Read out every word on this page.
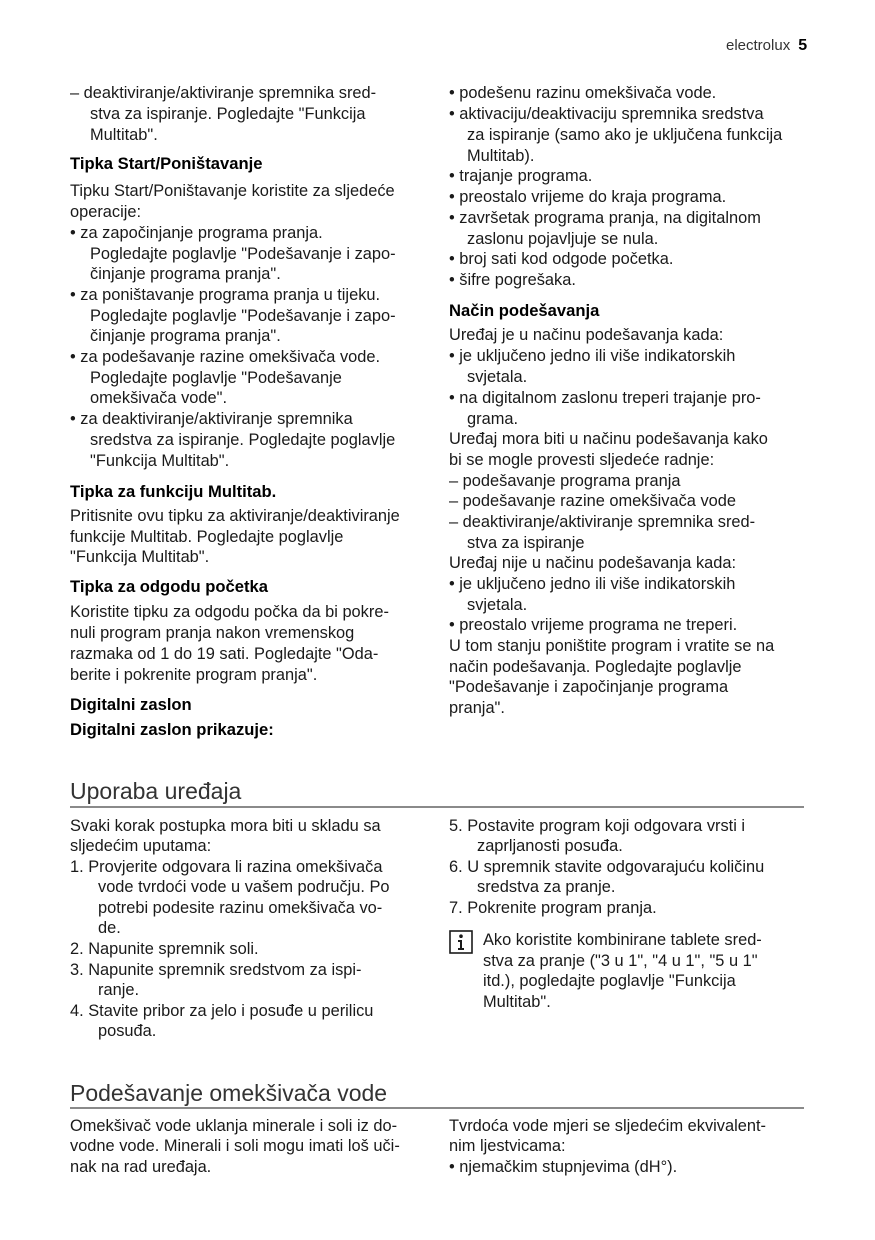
electrolux 5
– deaktiviranje/aktiviranje spremnika sred-
stva za ispiranje. Pogledajte "Funkcija
Multitab".
Tipka Start/Poništavanje
Tipku Start/Poništavanje koristite za sljedeće
operacije:
• za započinjanje programa pranja.
Pogledajte poglavlje "Podešavanje i zapo-
činjanje programa pranja".
• za poništavanje programa pranja u tijeku.
Pogledajte poglavlje "Podešavanje i zapo-
činjanje programa pranja".
• za podešavanje razine omekšivača vode.
Pogledajte poglavlje "Podešavanje
omekšivača vode".
• za deaktiviranje/aktiviranje spremnika
sredstva za ispiranje. Pogledajte poglavlje
"Funkcija Multitab".
Tipka za funkciju Multitab.
Pritisnite ovu tipku za aktiviranje/deaktiviranje
funkcije Multitab. Pogledajte poglavlje
"Funkcija Multitab".
Tipka za odgodu početka
Koristite tipku za odgodu počka da bi pokre-
nuli program pranja nakon vremenskog
razmaka od 1 do 19 sati. Pogledajte "Oda-
berite i pokrenite program pranja".
Digitalni zaslon
Digitalni zaslon prikazuje:
• podešenu razinu omekšivača vode.
• aktivaciju/deaktivaciju spremnika sredstva
za ispiranje (samo ako je uključena funkcija
Multitab).
• trajanje programa.
• preostalo vrijeme do kraja programa.
• završetak programa pranja, na digitalnom
zaslonu pojavljuje se nula.
• broj sati kod odgode početka.
• šifre pogrešaka.
Način podešavanja
Uređaj je u načinu podešavanja kada:
• je uključeno jedno ili više indikatorskih
svjetala.
• na digitalnom zaslonu treperi trajanje pro-
grama.
Uređaj mora biti u načinu podešavanja kako
bi se mogle provesti sljedeće radnje:
– podešavanje programa pranja
– podešavanje razine omekšivača vode
– deaktiviranje/aktiviranje spremnika sred-
stva za ispiranje
Uređaj nije u načinu podešavanja kada:
• je uključeno jedno ili više indikatorskih
svjetala.
• preostalo vrijeme programa ne treperi.
U tom stanju poništite program i vratite se na
način podešavanja. Pogledajte poglavlje
"Podešavanje i započinjanje programa
pranja".
Uporaba uređaja
Svaki korak postupka mora biti u skladu sa
sljedećim uputama:
1. Provjerite odgovara li razina omekšivača
vode tvrdoći vode u vašem području. Po
potrebi podesite razinu omekšivača vo-
de.
2. Napunite spremnik soli.
3. Napunite spremnik sredstvom za ispi-
ranje.
4. Stavite pribor za jelo i posuđe u perilicu
posuđa.
5. Postavite program koji odgovara vrsti i
zaprljanosti posuđa.
6. U spremnik stavite odgovarajuću količinu
sredstva za pranje.
7. Pokrenite program pranja.
Ako koristite kombinirane tablete sred-
stva za pranje ("3 u 1", "4 u 1", "5 u 1"
itd.), pogledajte poglavlje "Funkcija
Multitab".
Podešavanje omekšivača vode
Omekšivač vode uklanja minerale i soli iz do-
vodne vode. Minerali i soli mogu imati loš uči-
nak na rad uređaja.
Tvrdoća vode mjeri se sljedećim ekvivalent-
nim ljestvicama:
• njemačkim stupnjevima (dH°).
